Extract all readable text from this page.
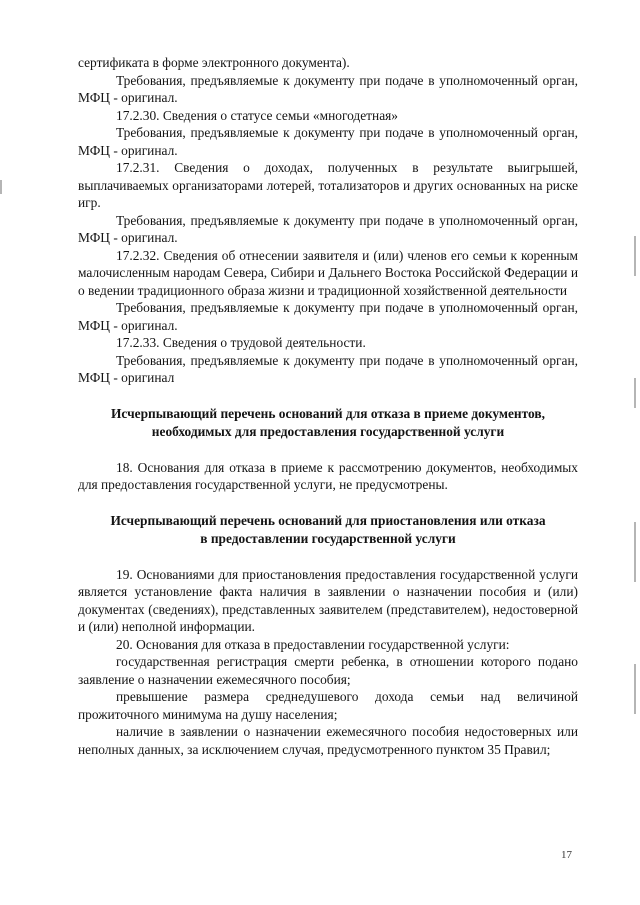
сертификата в форме электронного документа).

Требования, предъявляемые к документу при подаче в уполномоченный орган, МФЦ - оригинал.

17.2.30. Сведения о статусе семьи «многодетная»

Требования, предъявляемые к документу при подаче в уполномоченный орган, МФЦ - оригинал.

17.2.31. Сведения о доходах, полученных в результате выигрышей, выплачиваемых организаторами лотерей, тотализаторов и других основанных на риске игр.

Требования, предъявляемые к документу при подаче в уполномоченный орган, МФЦ - оригинал.

17.2.32. Сведения об отнесении заявителя и (или) членов его семьи к коренным малочисленным народам Севера, Сибири и Дальнего Востока Российской Федерации и о ведении традиционного образа жизни и традиционной хозяйственной деятельности

Требования, предъявляемые к документу при подаче в уполномоченный орган, МФЦ - оригинал.

17.2.33. Сведения о трудовой деятельности.

Требования, предъявляемые к документу при подаче в уполномоченный орган, МФЦ - оригинал

Исчерпывающий перечень оснований для отказа в приеме документов, необходимых для предоставления государственной услуги

18. Основания для отказа в приеме к рассмотрению документов, необходимых для предоставления государственной услуги, не предусмотрены.

Исчерпывающий перечень оснований для приостановления или отказа в предоставлении государственной услуги

19. Основаниями для приостановления предоставления государственной услуги является установление факта наличия в заявлении о назначении пособия и (или) документах (сведениях), представленных заявителем (представителем), недостоверной и (или) неполной информации.

20. Основания для отказа в предоставлении государственной услуги:

государственная регистрация смерти ребенка, в отношении которого подано заявление о назначении ежемесячного пособия;

превышение размера среднедушевого дохода семьи над величиной прожиточного минимума на душу населения;

наличие в заявлении о назначении ежемесячного пособия недостоверных или неполных данных, за исключением случая, предусмотренного пунктом 35 Правил;

17
